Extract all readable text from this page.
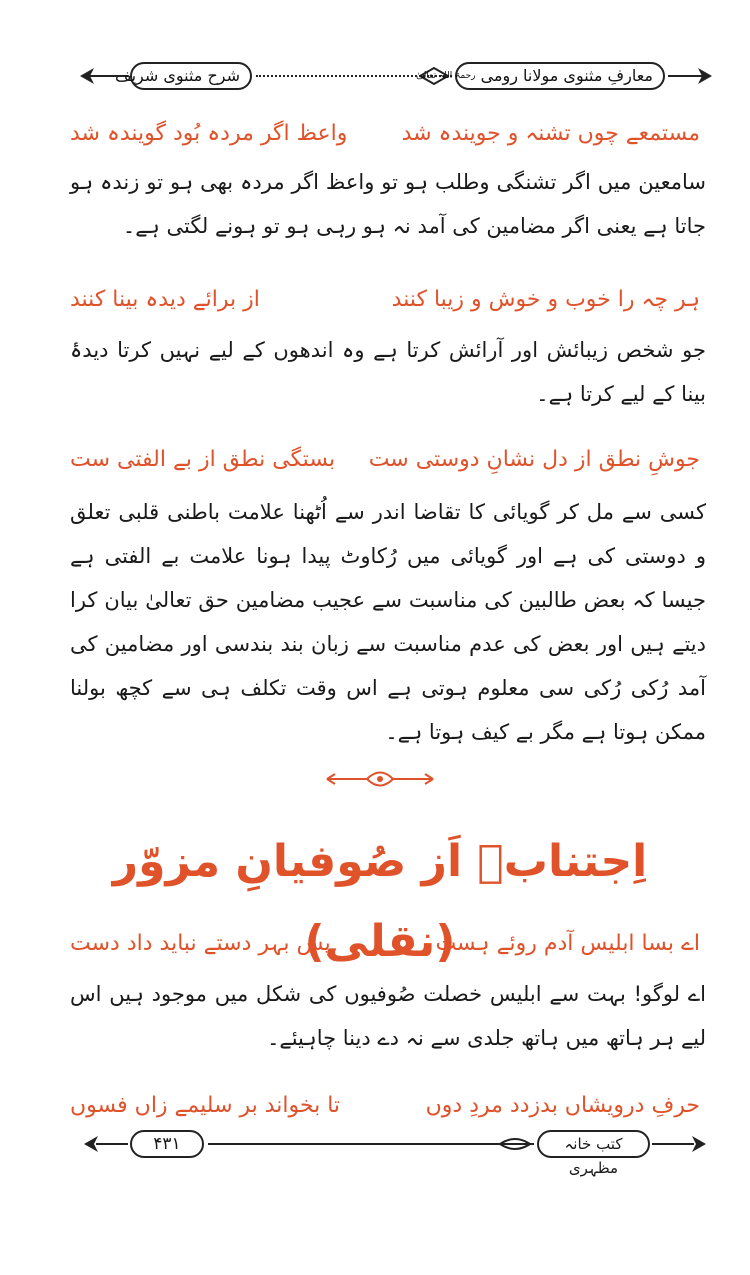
شرح مثنوی شریف	معارفِ مثنوی مولانا رومی $^{رحمۃ اللہ تعالیٰ}$
مستمعے چوں تشنہ و جویندہ شد
واعظ اگر مردہ بُود گویندہ شد
سامعین میں اگر تشنگی وطلب ہو تو واعظ اگر مردہ بھی ہو تو زندہ ہو جاتا ہے یعنی اگر مضامین کی آمد نہ ہو رہی ہو تو ہونے لگتی ہے۔
ہر چہ را خوب و خوش و زیبا کنند
از برائے دیدہ بینا کنند
جو شخص زیبائش اور آرائش کرتا ہے وہ اندھوں کے لیے نہیں کرتا دیدۂ بینا کے لیے کرتا ہے۔
جوشِ نطق از دل نشانِ دوستی ست
بستگی نطق از بے الفتی ست
کسی سے مل کر گویائی کا تقاضا اندر سے اُٹھنا علامت باطنی قلبی تعلق و دوستی کی ہے اور گویائی میں رُکاوٹ پیدا ہونا علامت بے الفتی ہے جیسا کہ بعض طالبین کی مناسبت سے عجیب مضامین حق تعالیٰ بیان کرا دیتے ہیں اور بعض کی عدم مناسبت سے زبان بند بندسی اور مضامین کی آمد رُکی رُکی سی معلوم ہوتی ہے اس وقت تکلف ہی سے کچھ بولنا ممکن ہوتا ہے مگر بے کیف ہوتا ہے۔
اِجتنابؔ اَز صُوفیانِ مزوّر (نقلی)
اے بسا ابلیس آدم روئے ہست
پس بہر دستے نباید داد دست
اے لوگو! بہت سے ابلیس خصلت صُوفیوں کی شکل میں موجود ہیں اس لیے ہر ہاتھ میں ہاتھ جلدی سے نہ دے دینا چاہیئے۔
حرفِ درویشاں بدزدد مردِ دوں
تا بخواند بر سلیمے زاں فسوں
۴۳۱	کتب خانہ مظہری
